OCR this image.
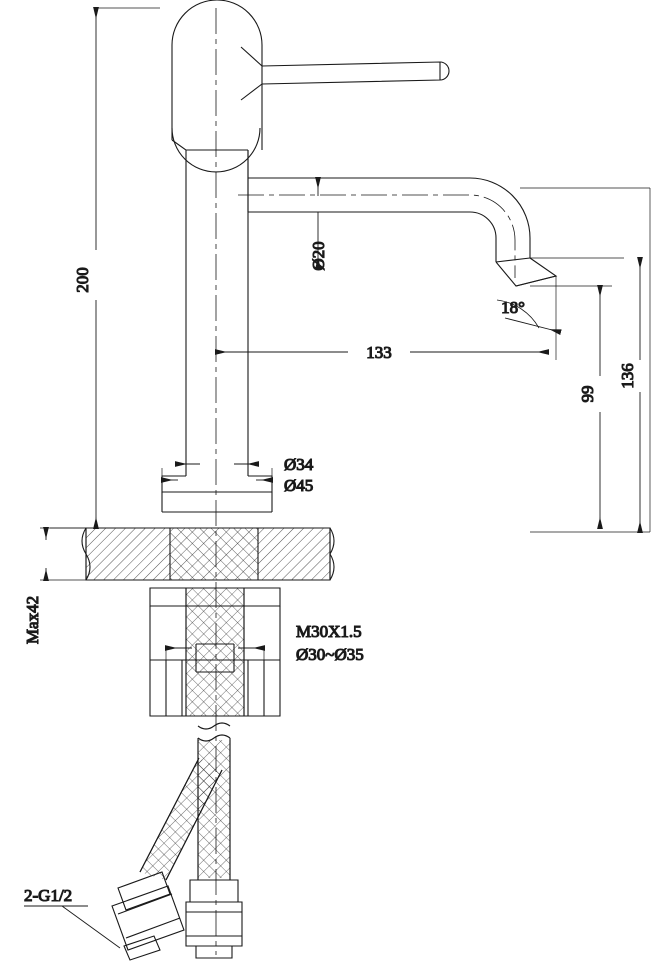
200
Ø20
133
18°
136
99
Ø34
Ø45
Max42	M30X1.5
Ø30~Ø35
2-G1/2
